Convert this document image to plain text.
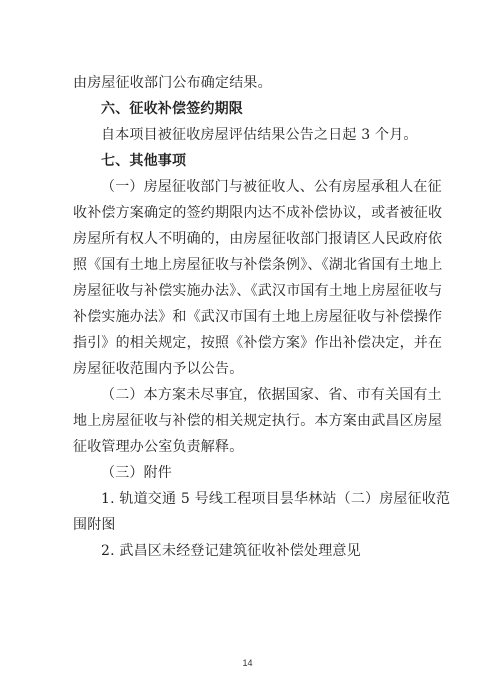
由房屋征收部门公布确定结果。
六、征收补偿签约期限
自本项目被征收房屋评估结果公告之日起 3 个月。
七、其他事项
（一）房屋征收部门与被征收人、公有房屋承租人在征
收补偿方案确定的签约期限内达不成补偿协议，或者被征收
房屋所有权人不明确的，由房屋征收部门报请区人民政府依
照《国有土地上房屋征收与补偿条例》、《湖北省国有土地上
房屋征收与补偿实施办法》、《武汉市国有土地上房屋征收与
补偿实施办法》和《武汉市国有土地上房屋征收与补偿操作
指引》的相关规定，按照《补偿方案》作出补偿决定，并在
房屋征收范围内予以公告。
（二）本方案未尽事宜，依据国家、省、市有关国有土
地上房屋征收与补偿的相关规定执行。本方案由武昌区房屋
征收管理办公室负责解释。
（三）附件
1. 轨道交通 5 号线工程项目昙华林站（二）房屋征收范
围附图
2. 武昌区未经登记建筑征收补偿处理意见
14
